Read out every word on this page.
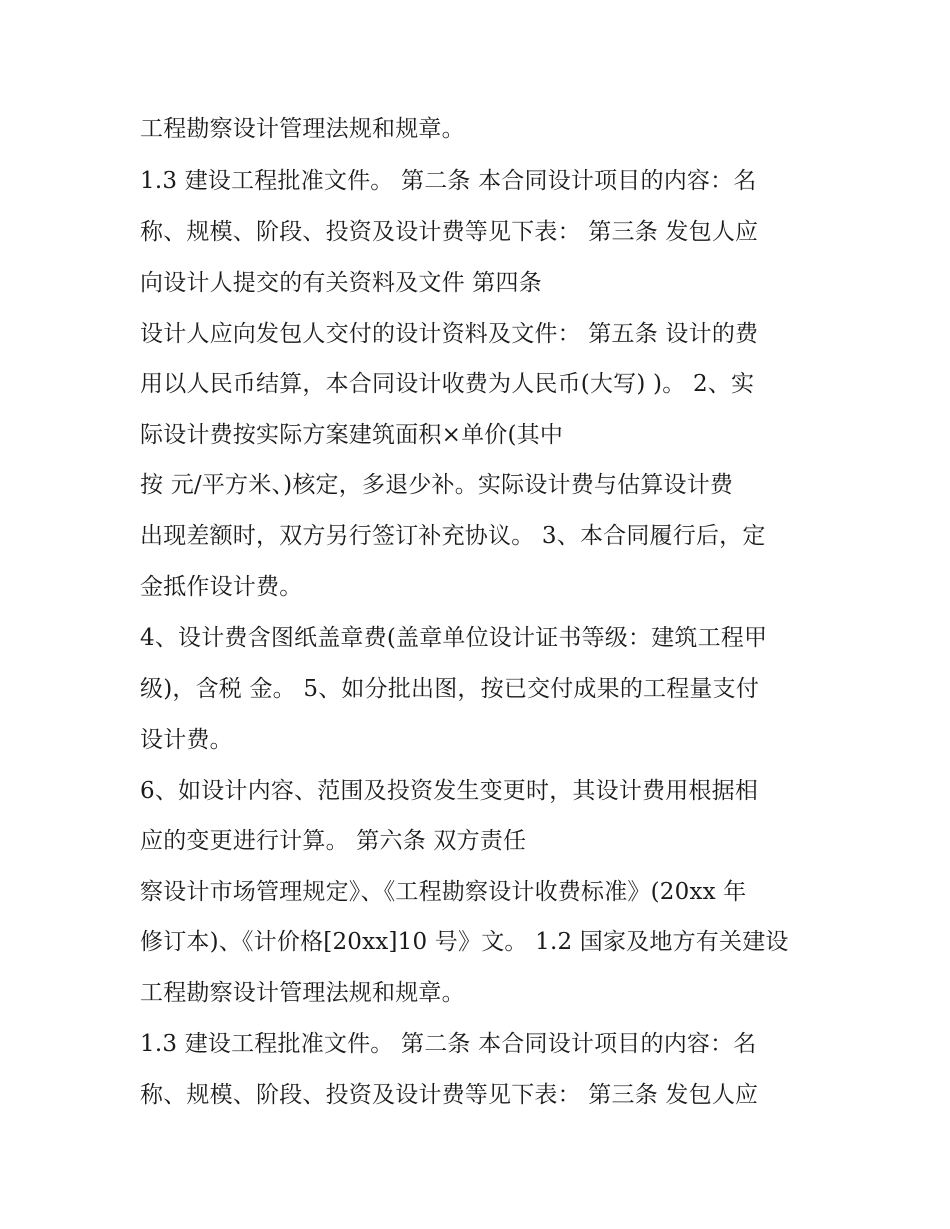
工程勘察设计管理法规和规章。
1.3 建设工程批准文件。 第二条 本合同设计项目的内容：名
称、规模、阶段、投资及设计费等见下表： 第三条 发包人应
向设计人提交的有关资料及文件 第四条
设计人应向发包人交付的设计资料及文件： 第五条 设计的费
用以人民币结算，本合同设计收费为人民币(大写) )。 2、实
际设计费按实际方案建筑面积×单价(其中
按 元/平方米、)核定，多退少补。实际设计费与估算设计费
出现差额时，双方另行签订补充协议。 3、本合同履行后，定
金抵作设计费。
4、设计费含图纸盖章费(盖章单位设计证书等级：建筑工程甲
级)，含税 金。 5、如分批出图，按已交付成果的工程量支付
设计费。
6、如设计内容、范围及投资发生变更时，其设计费用根据相
应的变更进行计算。 第六条 双方责任
察设计市场管理规定》、《工程勘察设计收费标准》(20xx 年
修订本)、《计价格[20xx]10 号》文。 1.2 国家及地方有关建设
工程勘察设计管理法规和规章。
1.3 建设工程批准文件。 第二条 本合同设计项目的内容：名
称、规模、阶段、投资及设计费等见下表： 第三条 发包人应
